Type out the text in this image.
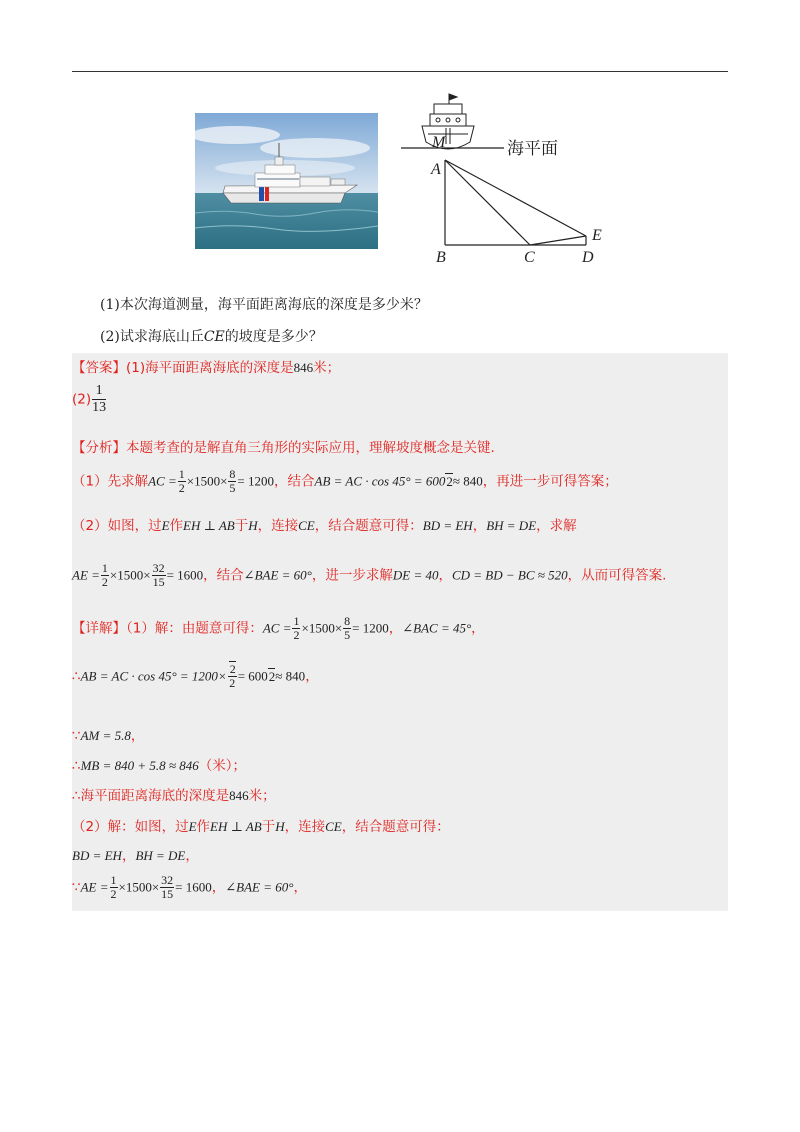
海平面
M
A
B	C	D
E
(1)本次海道测量，海平面距离海底的深度是多少米？
(2)试求海底山丘CE的坡度是多少？
【答案】(1)海平面距离海底的深度是846米；
$(2) \frac{1}{13}$
【分析】本题考查的是解直角三角形的实际应用，理解坡度概念是关键.
（1）先求解AC = $\frac{1}{2} \times 1500\times \frac{8}{5} = 1200$，结合AB = AC · cos 45° = 6002≈ 840，再进一步可得答案；
（2）如图，过E作EH ⊥ AB于H，连接CE，结合题意可得：BD = EH，BH = DE，求解
AE = $\frac{1}{2} \times 1500\times \frac{32}{15} = 1600$，结合∠BAE = 60°，进一步求解DE = 40，CD = BD − BC ≈ 520，从而可得答案.
【详解】（1）解：由题意可得：AC = $\frac{1}{2} \times 1500\times \frac{8}{5} = 1200$，∠BAC = 45°，
∴AB = AC · $\cos 45^\circ = 1200\times \frac{2}{2} = 6002\approx 840$，
∵AM = 5.8，
∴MB = 840 + 5.8 ≈ 846（米）；
∴海平面距离海底的深度是846米；
（2）解：如图，过E作EH ⊥ AB于H，连接CE，结合题意可得：
BD = EH，BH = DE，
∵AE = $\frac{1}{2} \times 1500\times \frac{32}{15} = 1600$，∠BAE = 60°，
